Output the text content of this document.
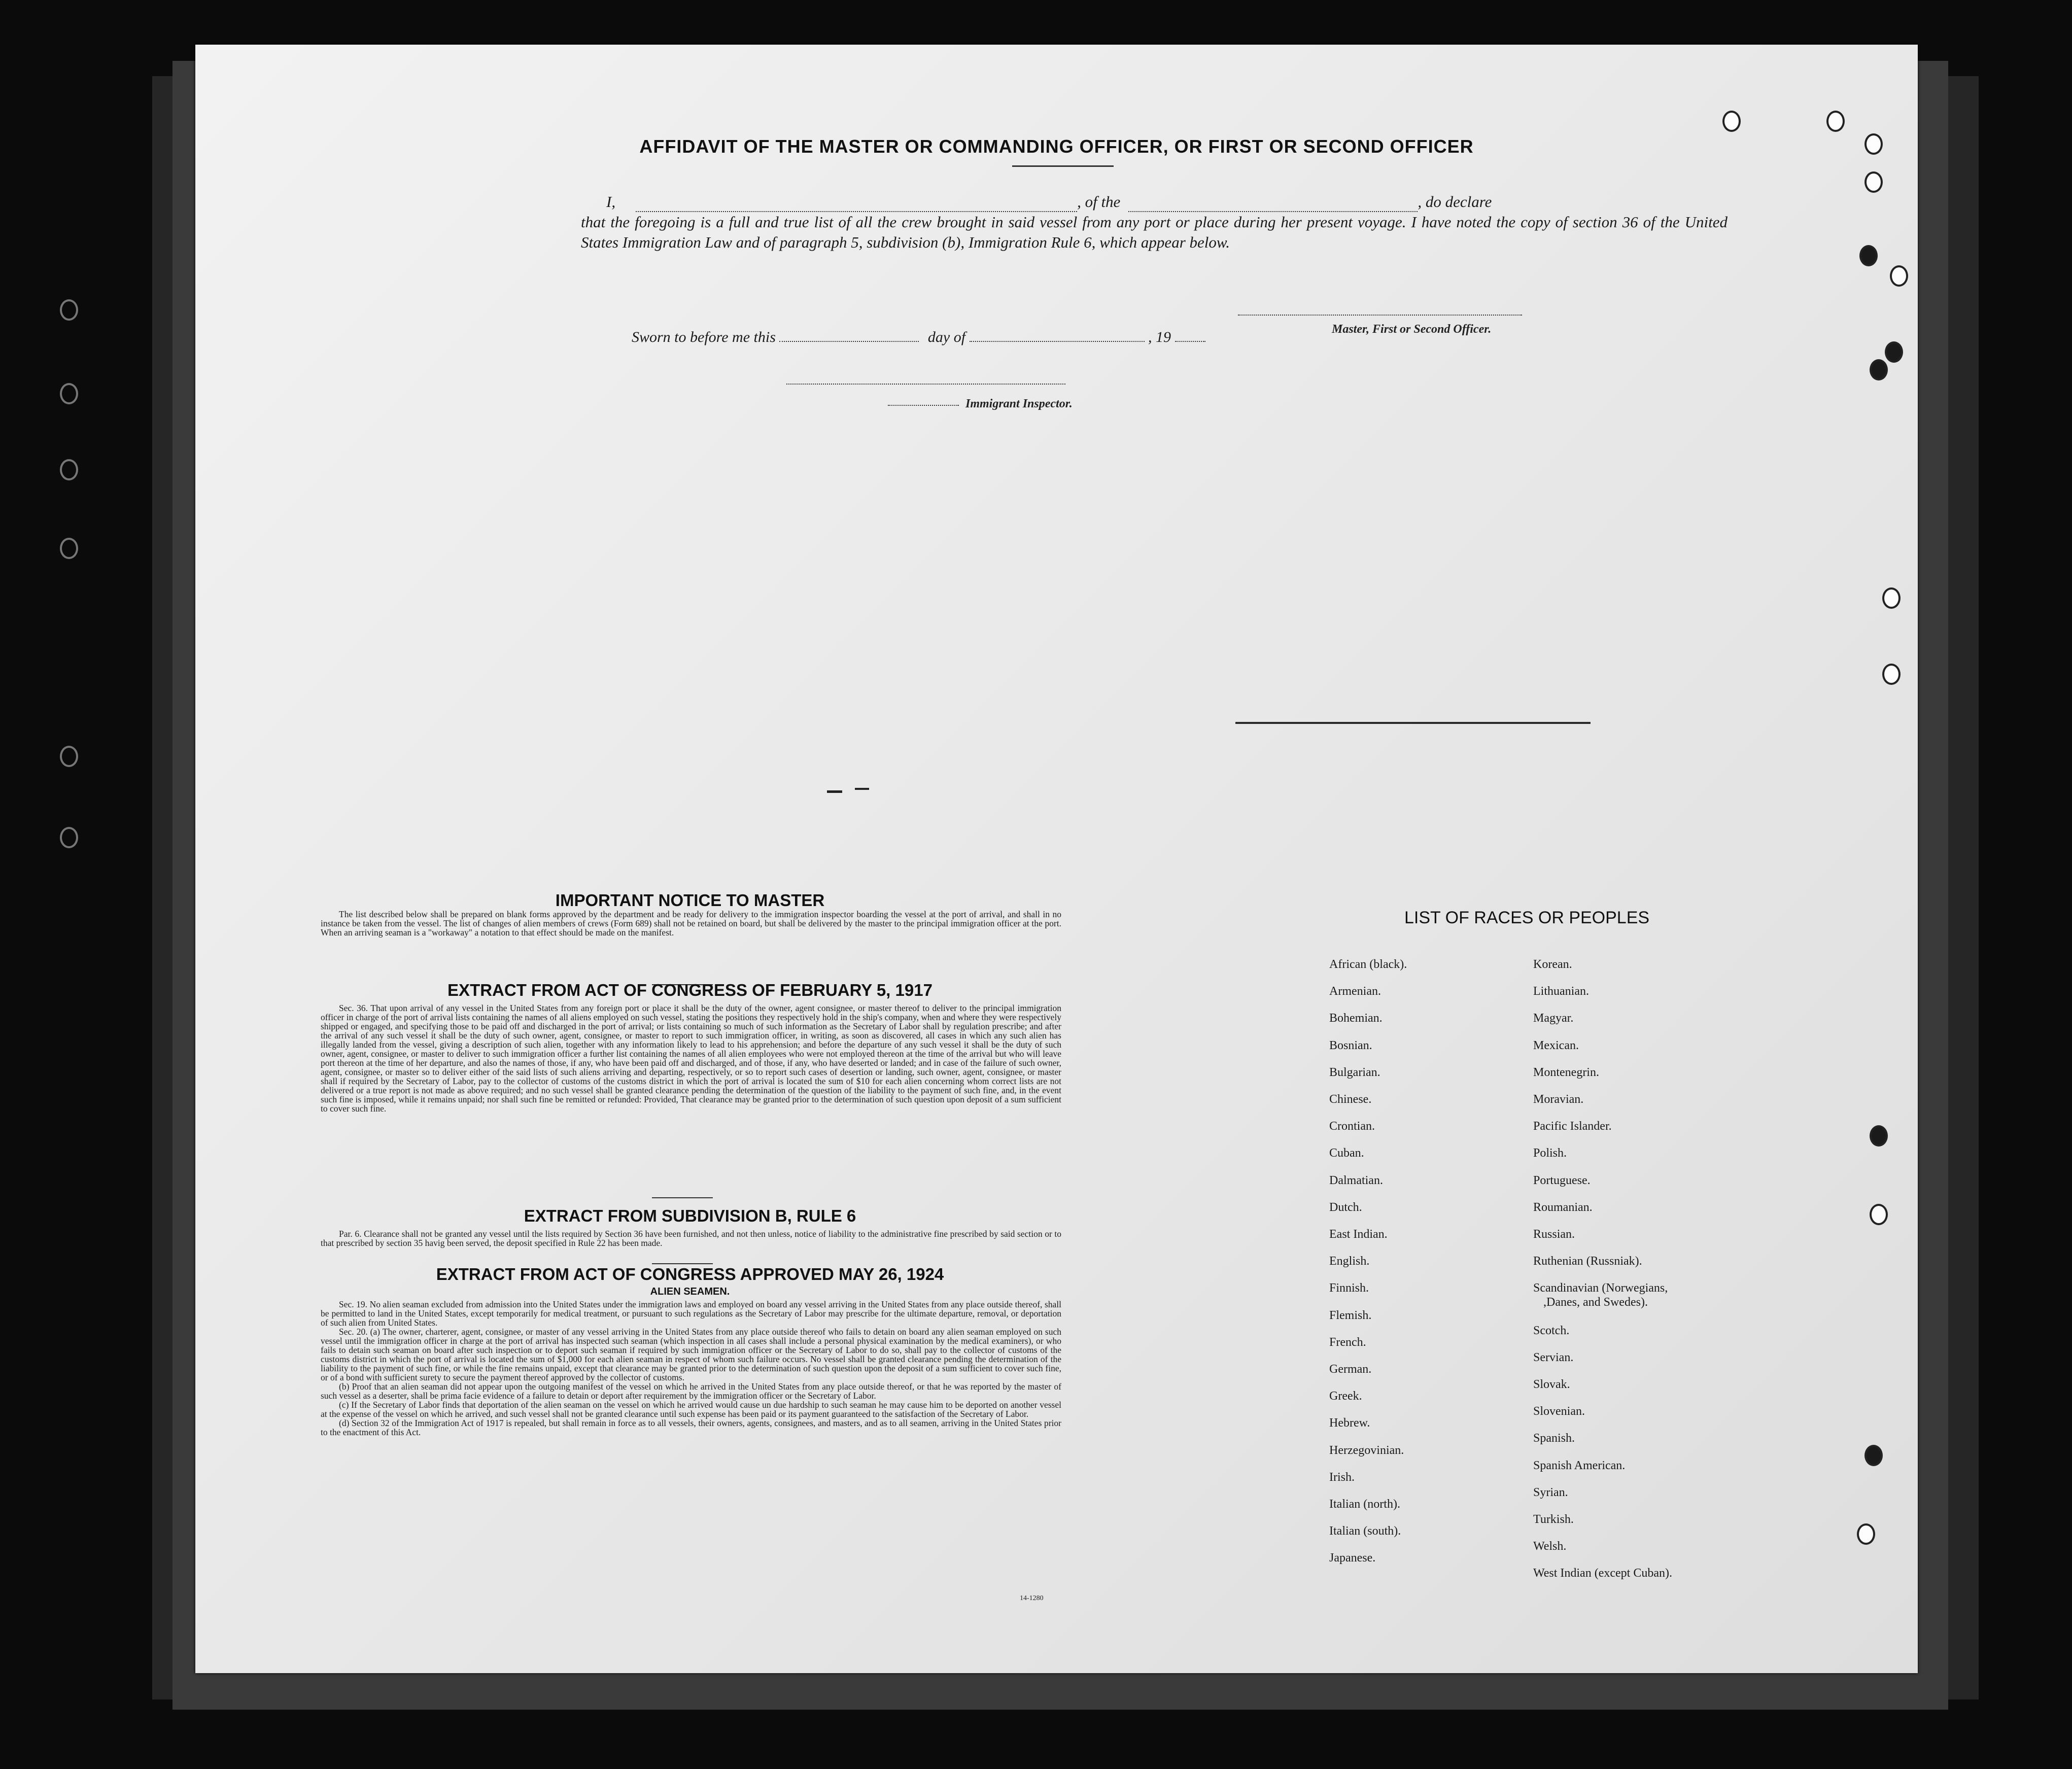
AFFIDAVIT OF THE MASTER OR COMMANDING OFFICER, OR FIRST OR SECOND OFFICER
I,	, of the	, do declare
that the foregoing is a full and true list of all the crew brought in said vessel from any port or place during her present voyage. I have noted the copy of section 36 of the United States Immigration Law and of paragraph 5, subdivision (b), Immigration Rule 6, which appear below.
Master, First or Second Officer.
Sworn to before me this	day of	, 19
Immigrant Inspector.
IMPORTANT NOTICE TO MASTER

The list described below shall be prepared on blank forms approved by the department and be ready for delivery to the immigration inspector boarding the vessel at the port of arrival, and shall in no instance be taken from the vessel. The list of changes of alien members of crews (Form 689) shall not be retained on board, but shall be delivered by the master to the principal immigration officer at the port. When an arriving seaman is a "workaway" a notation to that effect should be made on the manifest.

EXTRACT FROM ACT OF CONGRESS OF FEBRUARY 5, 1917

Sec. 36. That upon arrival of any vessel in the United States from any foreign port or place it shall be the duty of the owner, agent consignee, or master thereof to deliver to the principal immigration officer in charge of the port of arrival lists containing the names of all aliens employed on such vessel, stating the positions they respectively hold in the ship's company, when and where they were respectively shipped or engaged, and specifying those to be paid off and discharged in the port of arrival; or lists containing so much of such information as the Secretary of Labor shall by regulation prescribe; and after the arrival of any such vessel it shall be the duty of such owner, agent, consignee, or master to report to such immigration officer, in writing, as soon as discovered, all cases in which any such alien has illegally landed from the vessel, giving a description of such alien, together with any information likely to lead to his apprehension; and before the departure of any such vessel it shall be the duty of such owner, agent, consignee, or master to deliver to such immigration officer a further list containing the names of all alien employees who were not employed thereon at the time of the arrival but who will leave port thereon at the time of her departure, and also the names of those, if any, who have been paid off and discharged, and of those, if any, who have deserted or landed; and in case of the failure of such owner, agent, consignee, or master so to deliver either of the said lists of such aliens arriving and departing, respectively, or so to report such cases of desertion or landing, such owner, agent, consignee, or master shall if required by the Secretary of Labor, pay to the collector of customs of the customs district in which the port of arrival is located the sum of $10 for each alien concerning whom correct lists are not delivered or a true report is not made as above required; and no such vessel shall be granted clearance pending the determination of the question of the liability to the payment of such fine, and, in the event such fine is imposed, while it remains unpaid; nor shall such fine be remitted or refunded: Provided, That clearance may be granted prior to the determination of such question upon deposit of a sum sufficient to cover such fine.

EXTRACT FROM SUBDIVISION B, RULE 6

Par. 6. Clearance shall not be granted any vessel until the lists required by Section 36 have been furnished, and not then unless, notice of liability to the administrative fine prescribed by said section or to that prescribed by section 35 havig been served, the deposit specified in Rule 22 has been made.

EXTRACT FROM ACT OF CONGRESS APPROVED MAY 26, 1924
ALIEN SEAMEN.

Sec. 19. No alien seaman excluded from admission into the United States under the immigration laws and employed on board any vessel arriving in the United States from any place outside thereof, shall be permitted to land in the United States, except temporarily for medical treatment, or pursuant to such regulations as the Secretary of Labor may prescribe for the ultimate departure, removal, or deportation of such alien from United States.

Sec. 20. (a) The owner, charterer, agent, consignee, or master of any vessel arriving in the United States from any place outside thereof who fails to detain on board any alien seaman employed on such vessel until the immigration officer in charge at the port of arrival has inspected such seaman (which inspection in all cases shall include a personal physical examination by the medical examiners), or who fails to detain such seaman on board after such inspection or to deport such seaman if required by such immigration officer or the Secretary of Labor to do so, shall pay to the collector of customs of the customs district in which the port of arrival is located the sum of $1,000 for each alien seaman in respect of whom such failure occurs. No vessel shall be granted clearance pending the determination of the liability to the payment of such fine, or while the fine remains unpaid, except that clearance may be granted prior to the determination of such question upon the deposit of a sum sufficient to cover such fine, or of a bond with sufficient surety to secure the payment thereof approved by the collector of customs.

(b) Proof that an alien seaman did not appear upon the outgoing manifest of the vessel on which he arrived in the United States from any place outside thereof, or that he was reported by the master of such vessel as a deserter, shall be prima facie evidence of a failure to detain or deport after requirement by the immigration officer or the Secretary of Labor.

(c) If the Secretary of Labor finds that deportation of the alien seaman on the vessel on which he arrived would cause un due hardship to such seaman he may cause him to be deported on another vessel at the expense of the vessel on which he arrived, and such vessel shall not be granted clearance until such expense has been paid or its payment guaranteed to the satisfaction of the Secretary of Labor.

(d) Section 32 of the Immigration Act of 1917 is repealed, but shall remain in force as to all vessels, their owners, agents, consignees, and masters, and as to all seamen, arriving in the United States prior to the enactment of this Act.

14-1280
LIST OF RACES OR PEOPLES
African (black).
Armenian.
Bohemian.
Bosnian.
Bulgarian.
Chinese.
Crontian.
Cuban.
Dalmatian.
Dutch.
East Indian.
English.
Finnish.
Flemish.
French.
German.
Greek.
Hebrew.
Herzegovinian.
Irish.
Italian (north).
Italian (south).
Japanese.
Korean.
Lithuanian.
Magyar.
Mexican.
Montenegrin.
Moravian.
Pacific Islander.
Polish.
Portuguese.
Roumanian.
Russian.
Ruthenian (Russniak).
Scandinavian (Norwegians,
,Danes, and Swedes).
Scotch.
Servian.
Slovak.
Slovenian.
Spanish.
Spanish American.
Syrian.
Turkish.
Welsh.
West Indian (except Cuban).
